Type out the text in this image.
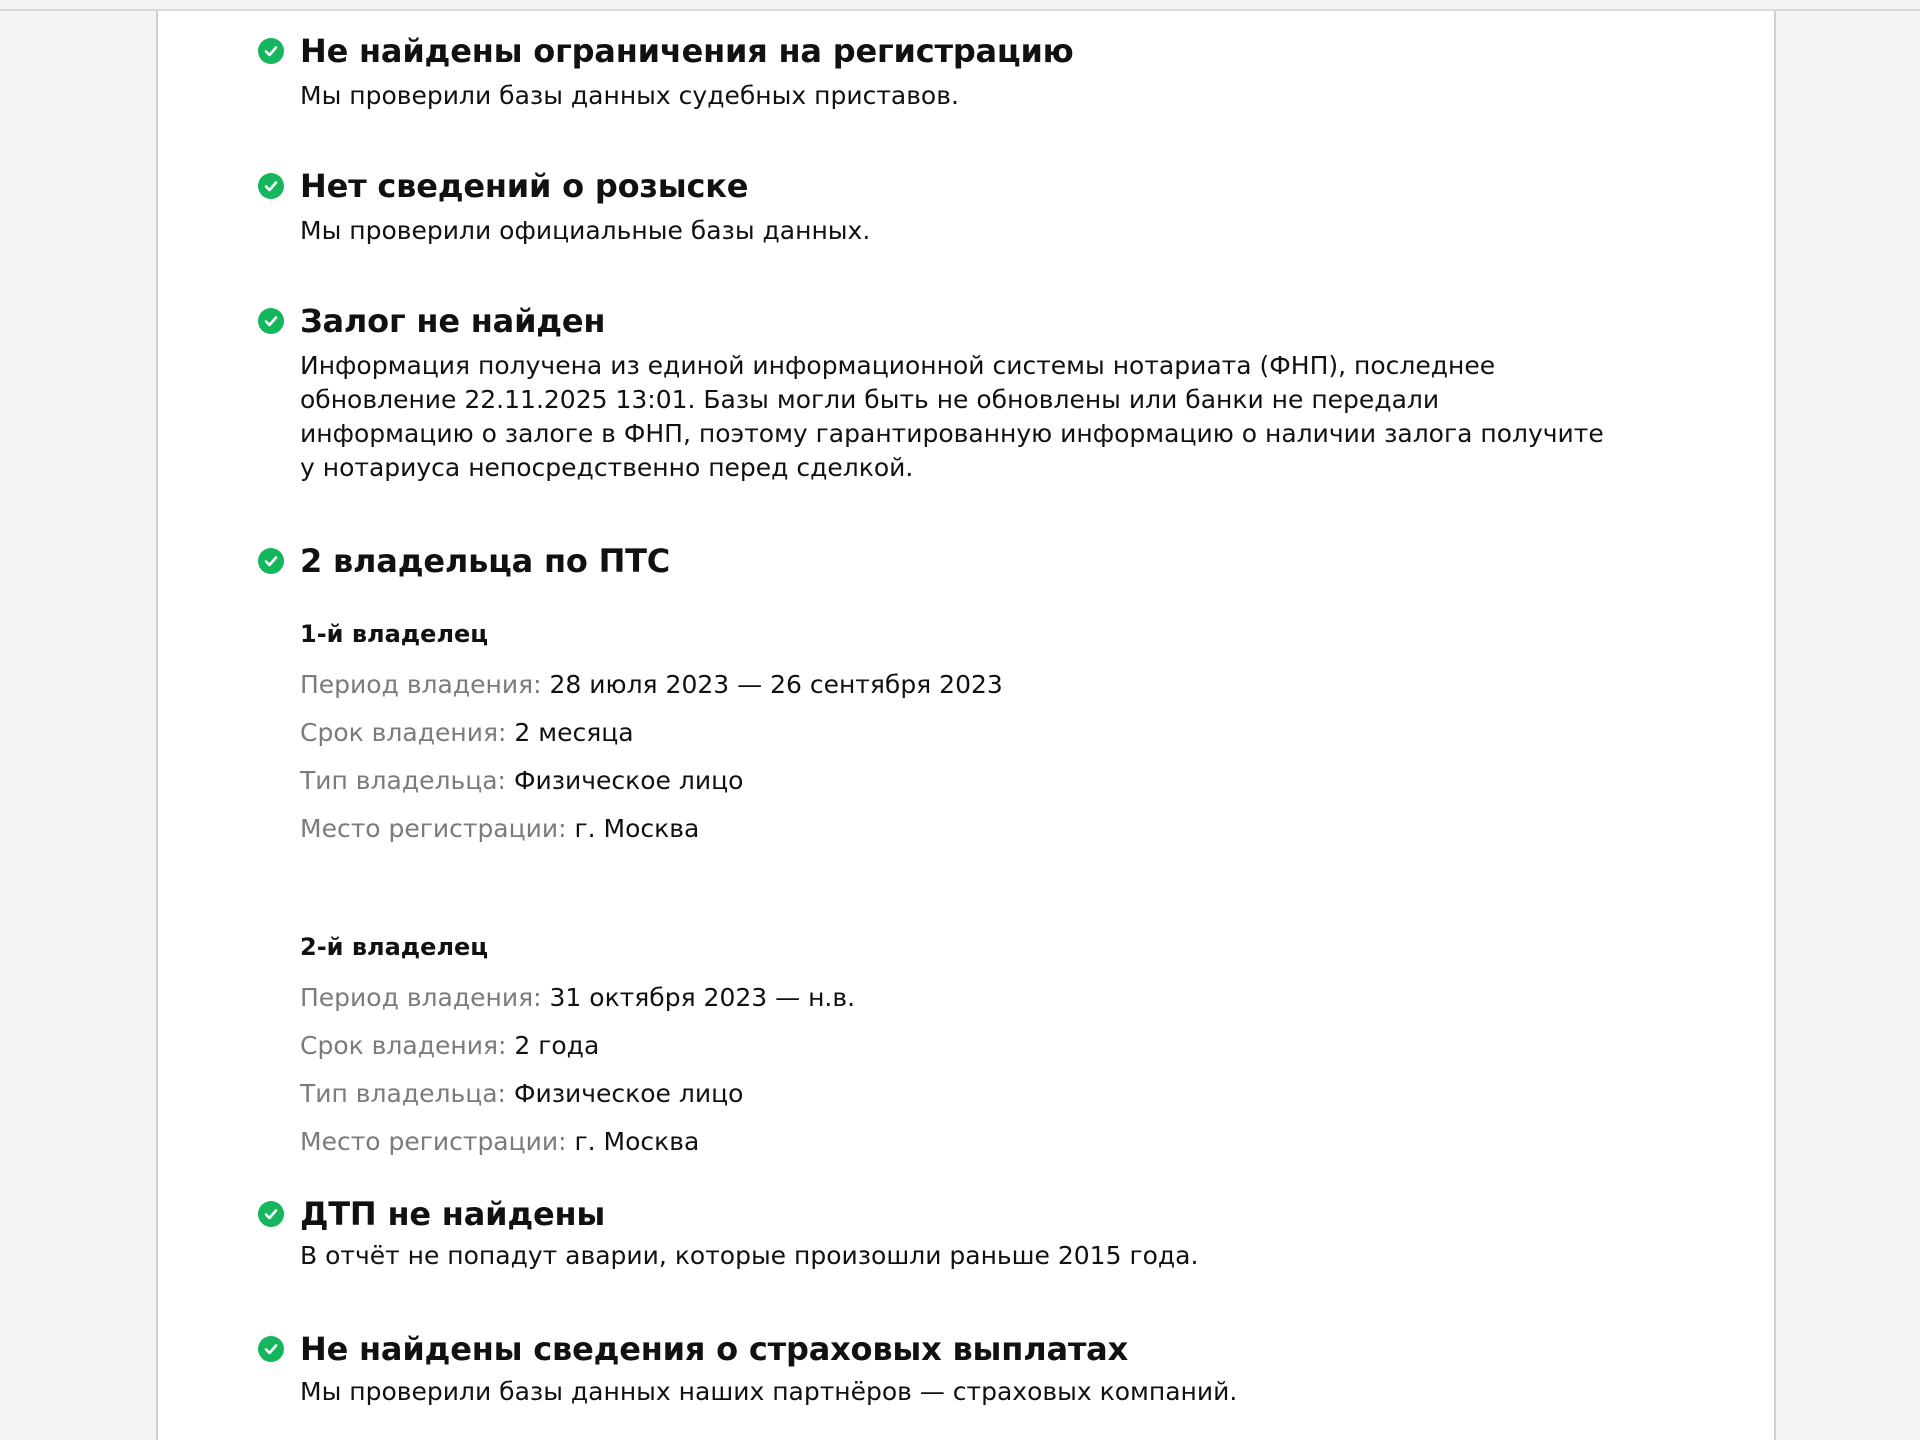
Не найдены ограничения на регистрацию

Мы проверили базы данных судебных приставов.

Нет сведений о розыске

Мы проверили официальные базы данных.

Залог не найден

Информация получена из единой информационной системы нотариата (ФНП), последнее обновление 22.11.2025 13:01. Базы могли быть не обновлены или банки не передали информацию о залоге в ФНП, поэтому гарантированную информацию о наличии залога получите у нотариуса непосредственно перед сделкой.

2 владельца по ПТС
1-й владелец
Период владения: 28 июля 2023 — 26 сентября 2023
Срок владения: 2 месяца
Тип владельца: Физическое лицо
Место регистрации: г. Москва
2-й владелец
Период владения: 31 октября 2023 — н.в.
Срок владения: 2 года
Тип владельца: Физическое лицо
Место регистрации: г. Москва
ДТП не найдены

В отчёт не попадут аварии, которые произошли раньше 2015 года.

Не найдены сведения о страховых выплатах

Мы проверили базы данных наших партнёров — страховых компаний.
